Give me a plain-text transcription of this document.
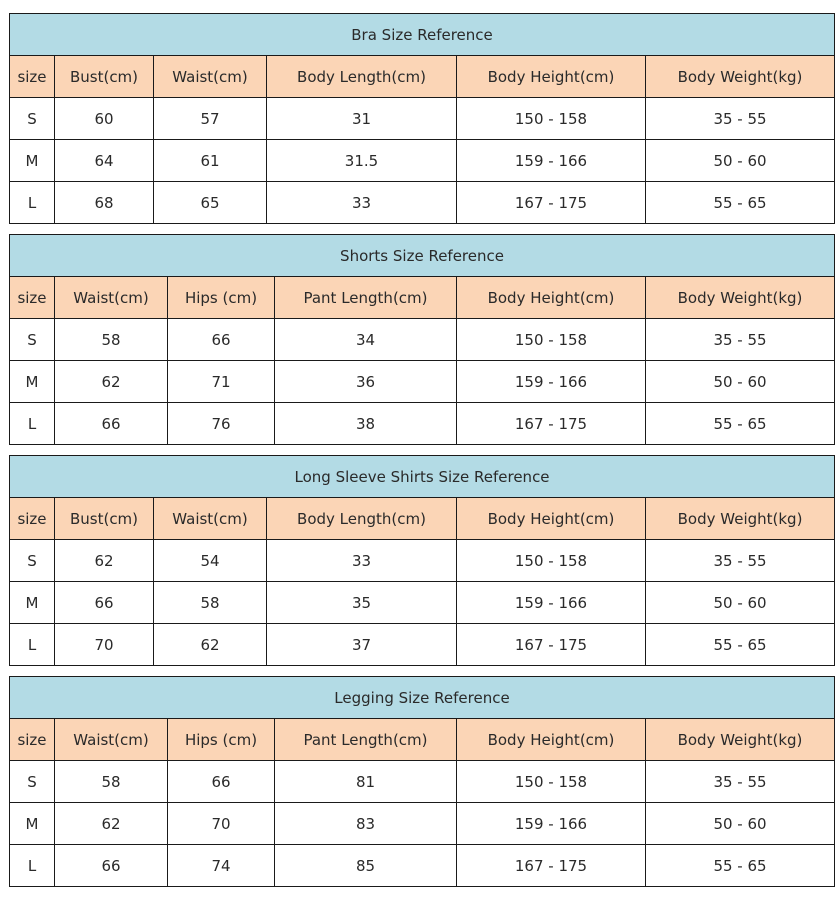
Bra Size Reference					
size	Bust(cm)	Waist(cm)	Body Length(cm)	Body Height(cm)	Body Weight(kg)
S	60	57	31	150 - 158	35 - 55
M	64	61	31.5	159 - 166	50 - 60
L	68	65	33	167 - 175	55 - 65
Shorts Size Reference					
size	Waist(cm)	Hips (cm)	Pant Length(cm)	Body Height(cm)	Body Weight(kg)
S	58	66	34	150 - 158	35 - 55
M	62	71	36	159 - 166	50 - 60
L	66	76	38	167 - 175	55 - 65
Long Sleeve Shirts Size Reference					
size	Bust(cm)	Waist(cm)	Body Length(cm)	Body Height(cm)	Body Weight(kg)
S	62	54	33	150 - 158	35 - 55
M	66	58	35	159 - 166	50 - 60
L	70	62	37	167 - 175	55 - 65
Legging Size Reference					
size	Waist(cm)	Hips (cm)	Pant Length(cm)	Body Height(cm)	Body Weight(kg)
S	58	66	81	150 - 158	35 - 55
M	62	70	83	159 - 166	50 - 60
L	66	74	85	167 - 175	55 - 65
